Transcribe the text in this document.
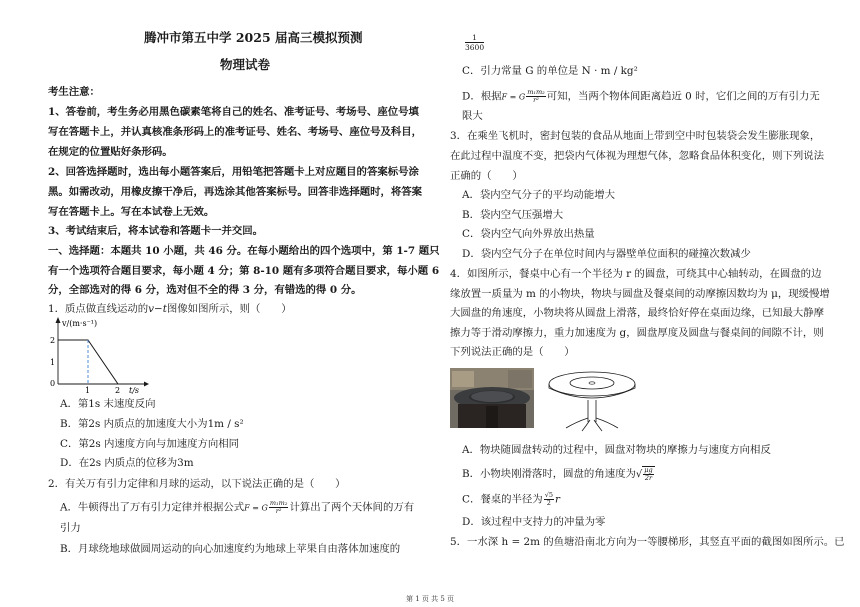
腾冲市第五中学 2025 届高三模拟预测
物理试卷
考生注意：
1、答卷前，考生务必用黑色碳素笔将自己的姓名、准考证号、考场号、座位号填
写在答题卡上，并认真核准条形码上的准考证号、姓名、考场号、座位号及科目，
在规定的位置贴好条形码。
2、回答选择题时，选出每小题答案后，用铅笔把答题卡上对应题目的答案标号涂
黑。如需改动，用橡皮擦干净后，再选涂其他答案标号。回答非选择题时，将答案
写在答题卡上。写在本试卷上无效。
3、考试结束后，将本试卷和答题卡一并交回。
一、选择题：本题共 10 小题，共 46 分。在每小题给出的四个选项中，第 1-7 题只
有一个选项符合题目要求，每小题 4 分；第 8-10 题有多项符合题目要求，每小题 6
分，全部选对的得 6 分，选对但不全的得 3 分，有错选的得 0 分。
1．质点做直线运动的v−t图像如图所示，则（　　）
v/(m·s⁻¹)
t/s
2
1
0
1	2
A．第1s 末速度反向
B．第2s 内质点的加速度大小为1m / s²
C．第2s 内速度方向与加速度方向相同
D．在2s 内质点的位移为3m
2．有关万有引力定律和月球的运动，以下说法正确的是（　　）
A．牛顿得出了万有引力定律并根据公式F = G $\frac{\text{m₁m₂}}{\text{r²}}$ 计算出了两个天体间的万有
引力
B．月球绕地球做圆周运动的向心加速度约为地球上苹果自由落体加速度的
$\frac{1}{3600}$
C．引力常量 G 的单位是 N · m / kg²
D．根据F = G $\frac{\text{m₁m₂}}{\text{r²}}$ 可知，当两个物体间距离趋近 0 时，它们之间的万有引力无
限大
3．在乘坐飞机时，密封包装的食品从地面上带到空中时包装袋会发生膨胀现象，
在此过程中温度不变，把袋内气体视为理想气体，忽略食品体积变化，则下列说法
正确的（　　）
A．袋内空气分子的平均动能增大
B．袋内空气压强增大
C．袋内空气向外界放出热量
D．袋内空气分子在单位时间内与器壁单位面积的碰撞次数减少
4．如图所示，餐桌中心有一个半径为 r 的圆盘，可绕其中心轴转动，在圆盘的边
缘放置一质量为 m 的小物块，物块与圆盘及餐桌间的动摩擦因数均为 μ，现缓慢增
大圆盘的角速度，小物块将从圆盘上滑落，最终恰好停在桌面边缘，已知最大静摩
擦力等于滑动摩擦力，重力加速度为 g，圆盘厚度及圆盘与餐桌间的间隙不计，则
下列说法正确的是（　　）
A．物块随圆盘转动的过程中，圆盘对物块的摩擦力与速度方向相反
B．小物块刚滑落时，圆盘的角速度为√ $\frac{\mu g}{2r}$
C．餐桌的半径为 $\frac{√5}{2}$ r
D．该过程中支持力的冲量为零
5．一水深 h = 2m 的鱼塘沿南北方向为一等腰梯形，其竖直平面的截图如图所示。已
第 1 页 共 5 页
